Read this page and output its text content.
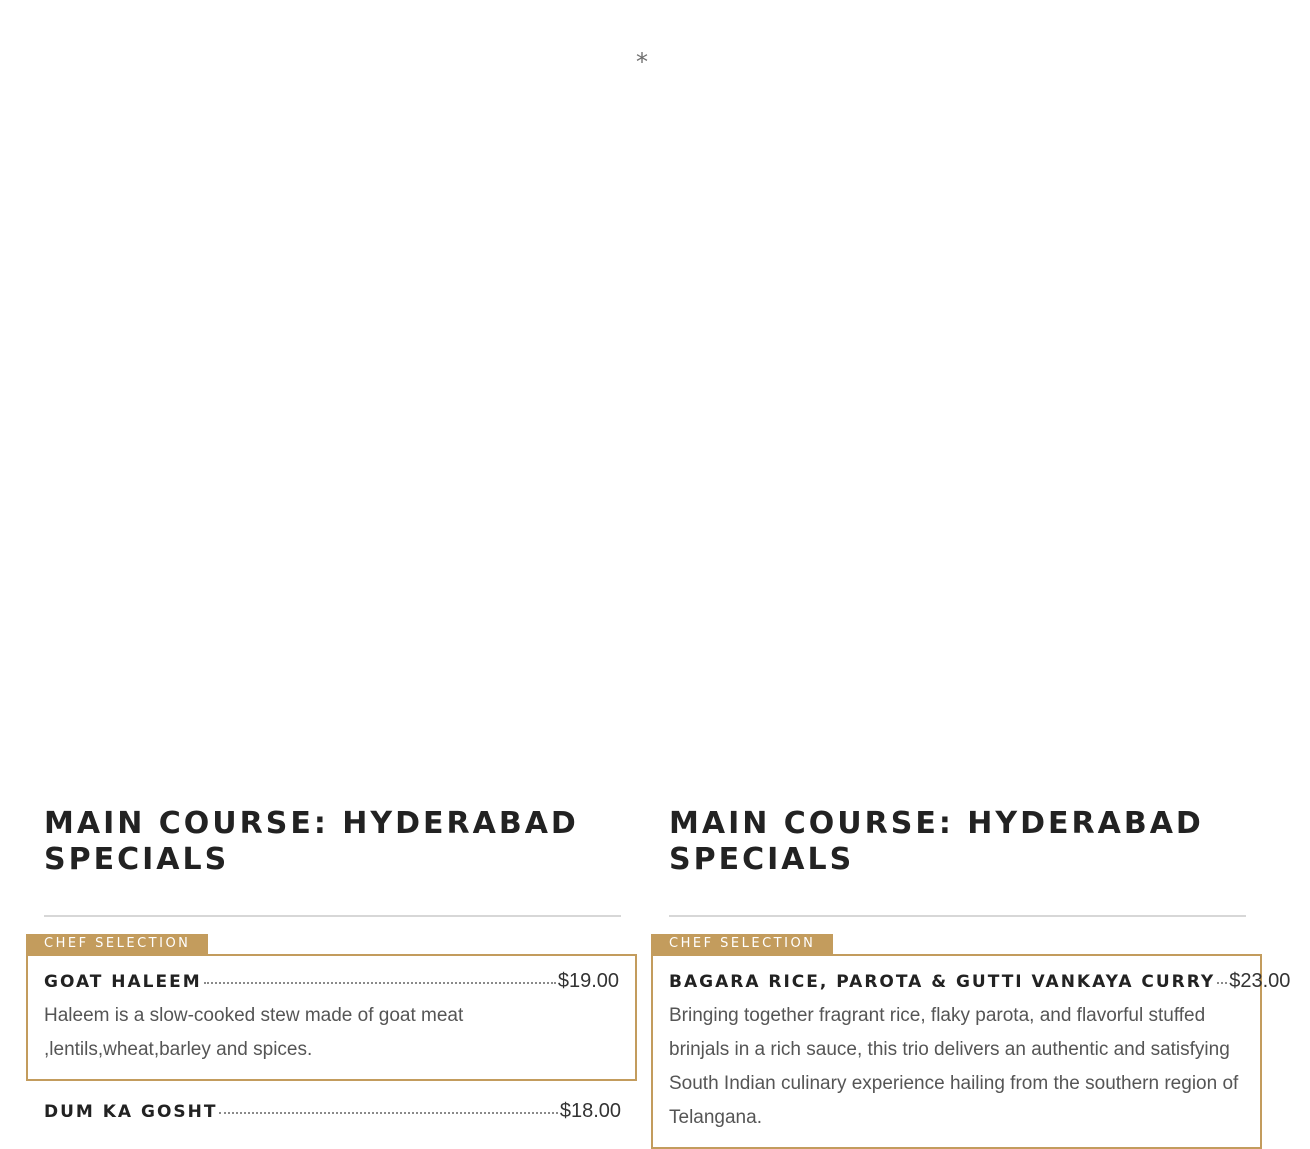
*
MAIN COURSE: HYDERABAD SPECIALS
CHEF SELECTION
GOAT HALEEM	$19.00
Haleem is a slow-cooked stew made of goat meat ,lentils,wheat,barley and spices.
DUM KA GOSHT	$18.00
MAIN COURSE: HYDERABAD SPECIALS
CHEF SELECTION
BAGARA RICE, PAROTA & GUTTI VANKAYA CURRY $23.00
Bringing together fragrant rice, flaky parota, and flavorful stuffed brinjals in a rich sauce, this trio delivers an authentic and satisfying South Indian culinary experience hailing from the southern region of Telangana.
